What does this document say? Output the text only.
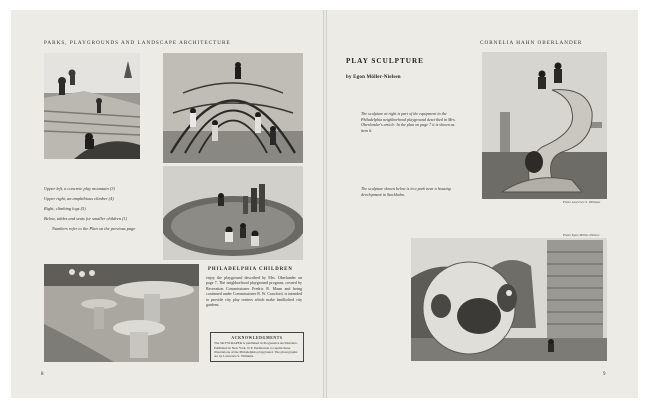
PARKS, PLAYGROUNDS AND LANDSCAPE ARCHITECTURE
Upper left, a concrete play mountain (3)
Upper right, an amphibious climber (4)
Right, climbing logs (5)
Below, tables and seats for smaller children (1)
Numbers refer to the Plan on the previous page
PHILADELPHIA CHILDREN
enjoy the playground described by Mrs. Oberlander on page 7. The neighborhood playground program, created by Recreation Commissioner Fredric R. Mann and being continued under Commissioner R. W. Crawford, is intended to provide city play centers which make landlocked city gardens.
ACKNOWLEDGMENTS
The SKYSCRAPER is published in Progressive Architecture. Published in New York, N.Y. Permission to reprint these illustrations of the Philadelphia playground. The photographs are by Lawrence S. Williams.
8
CORNELIA HAHN OBERLANDER
PLAY SCULPTURE
by Egon Möller-Nielsen
The sculpture at right is part of the equipment in the Philadelphia neighborhood playground described in Mrs. Oberlander's article. In the plan on page 7 it is shown as item 6.
The sculpture shown below is in a park near a housing development in Stockholm.
Photo Lawrence S. Williams
Photo Egon Möller-Nielsen
9
